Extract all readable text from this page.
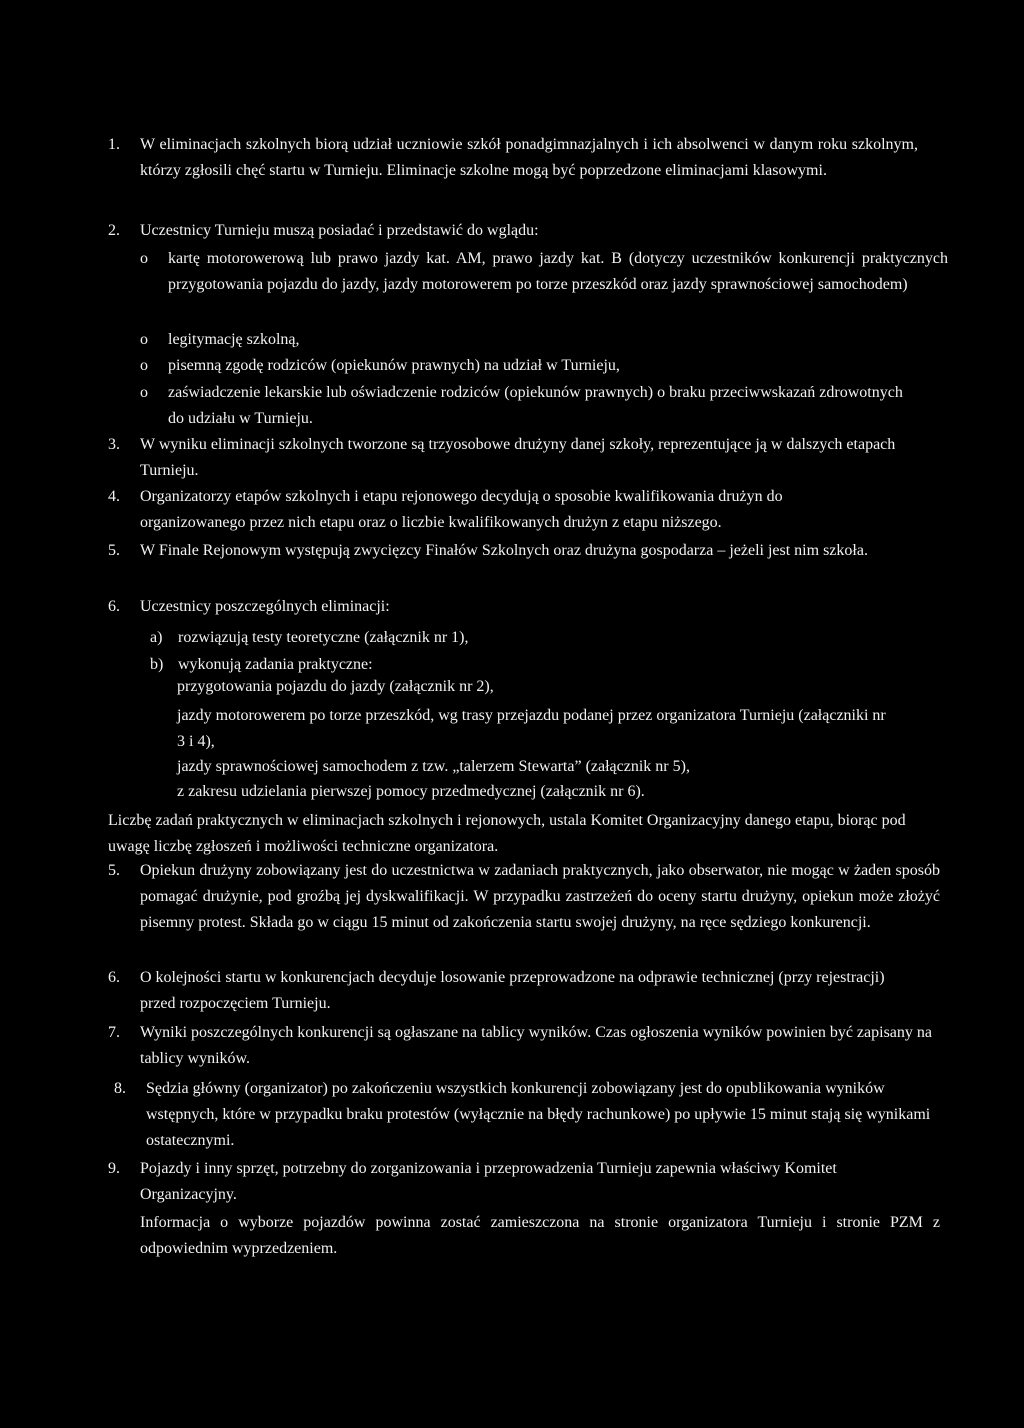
1. W eliminacjach szkolnych biorą udział uczniowie szkół ponadgimnazjalnych i ich absolwenci w danym roku szkolnym, którzy zgłosili chęć startu w Turnieju. Eliminacje szkolne mogą być poprzedzone eliminacjami klasowymi.
2. Uczestnicy Turnieju muszą posiadać i przedstawić do wglądu:
o kartę motorowerową lub prawo jazdy kat. AM, prawo jazdy kat. B (dotyczy uczestników konkurencji praktycznych przygotowania pojazdu do jazdy, jazdy motorowerem po torze przeszkód oraz jazdy sprawnościowej samochodem)
o legitymację szkolną,
o pisemną zgodę rodziców (opiekunów prawnych) na udział w Turnieju,
o zaświadczenie lekarskie lub oświadczenie rodziców (opiekunów prawnych) o braku przeciwwskazań zdrowotnych do udziału w Turnieju.
3. W wyniku eliminacji szkolnych tworzone są trzyosobowe drużyny danej szkoły, reprezentujące ją w dalszych etapach Turnieju.
4. Organizatorzy etapów szkolnych i etapu rejonowego decydują o sposobie kwalifikowania drużyn do organizowanego przez nich etapu oraz o liczbie kwalifikowanych drużyn z etapu niższego.
5. W Finale Rejonowym występują zwycięzcy Finałów Szkolnych oraz drużyna gospodarza – jeżeli jest nim szkoła.
6. Uczestnicy poszczególnych eliminacji:
a) rozwiązują testy teoretyczne (załącznik nr 1),
b) wykonują zadania praktyczne:
przygotowania pojazdu do jazdy (załącznik nr 2),
jazdy motorowerem po torze przeszkód, wg trasy przejazdu podanej przez organizatora Turnieju (załączniki nr 3 i 4),
jazdy sprawnościowej samochodem z tzw. „talerzem Stewarta” (załącznik nr 5),
z zakresu udzielania pierwszej pomocy przedmedycznej (załącznik nr 6).
Liczbę zadań praktycznych w eliminacjach szkolnych i rejonowych, ustala Komitet Organizacyjny danego etapu, biorąc pod uwagę liczbę zgłoszeń i możliwości techniczne organizatora.
5. Opiekun drużyny zobowiązany jest do uczestnictwa w zadaniach praktycznych, jako obserwator, nie mogąc w żaden sposób pomagać drużynie, pod groźbą jej dyskwalifikacji. W przypadku zastrzeżeń do oceny startu drużyny, opiekun może złożyć pisemny protest. Składa go w ciągu 15 minut od zakończenia startu swojej drużyny, na ręce sędziego konkurencji.
6. O kolejności startu w konkurencjach decyduje losowanie przeprowadzone na odprawie technicznej (przy rejestracji) przed rozpoczęciem Turnieju.
7. Wyniki poszczególnych konkurencji są ogłaszane na tablicy wyników. Czas ogłoszenia wyników powinien być zapisany na tablicy wyników.
8. Sędzia główny (organizator) po zakończeniu wszystkich konkurencji zobowiązany jest do opublikowania wyników wstępnych, które w przypadku braku protestów (wyłącznie na błędy rachunkowe) po upływie 15 minut stają się wynikami ostatecznymi.
9. Pojazdy i inny sprzęt, potrzebny do zorganizowania i przeprowadzenia Turnieju zapewnia właściwy Komitet Organizacyjny.
Informacja o wyborze pojazdów powinna zostać zamieszczona na stronie organizatora Turnieju i stronie PZM z odpowiednim wyprzedzeniem.
